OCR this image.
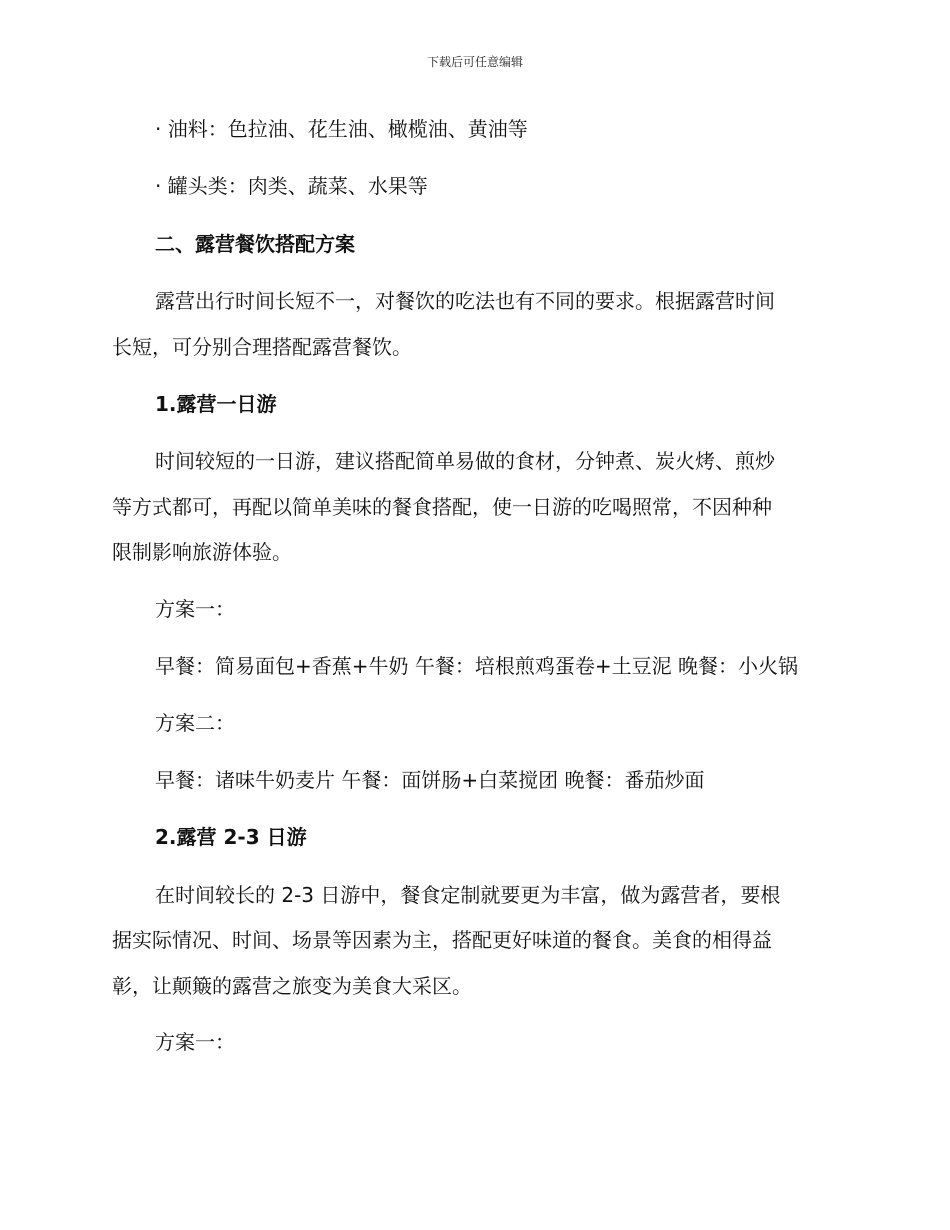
下载后可任意编辑
· 油料：色拉油、花生油、橄榄油、黄油等
· 罐头类：肉类、蔬菜、水果等
二、露营餐饮搭配方案
露营出行时间长短不一，对餐饮的吃法也有不同的要求。根据露营时间
长短，可分别合理搭配露营餐饮。
1.露营一日游
时间较短的一日游，建议搭配简单易做的食材，分钟煮、炭火烤、煎炒
等方式都可，再配以简单美味的餐食搭配，使一日游的吃喝照常，不因种种
限制影响旅游体验。
方案一：
早餐：简易面包+香蕉+牛奶 午餐：培根煎鸡蛋卷+土豆泥 晚餐：小火锅
方案二：
早餐：诸味牛奶麦片 午餐：面饼肠+白菜搅团 晚餐：番茄炒面
2.露营 2-3 日游
在时间较长的 2-3 日游中，餐食定制就要更为丰富，做为露营者，要根
据实际情况、时间、场景等因素为主，搭配更好味道的餐食。美食的相得益
彰，让颠簸的露营之旅变为美食大采区。
方案一：
